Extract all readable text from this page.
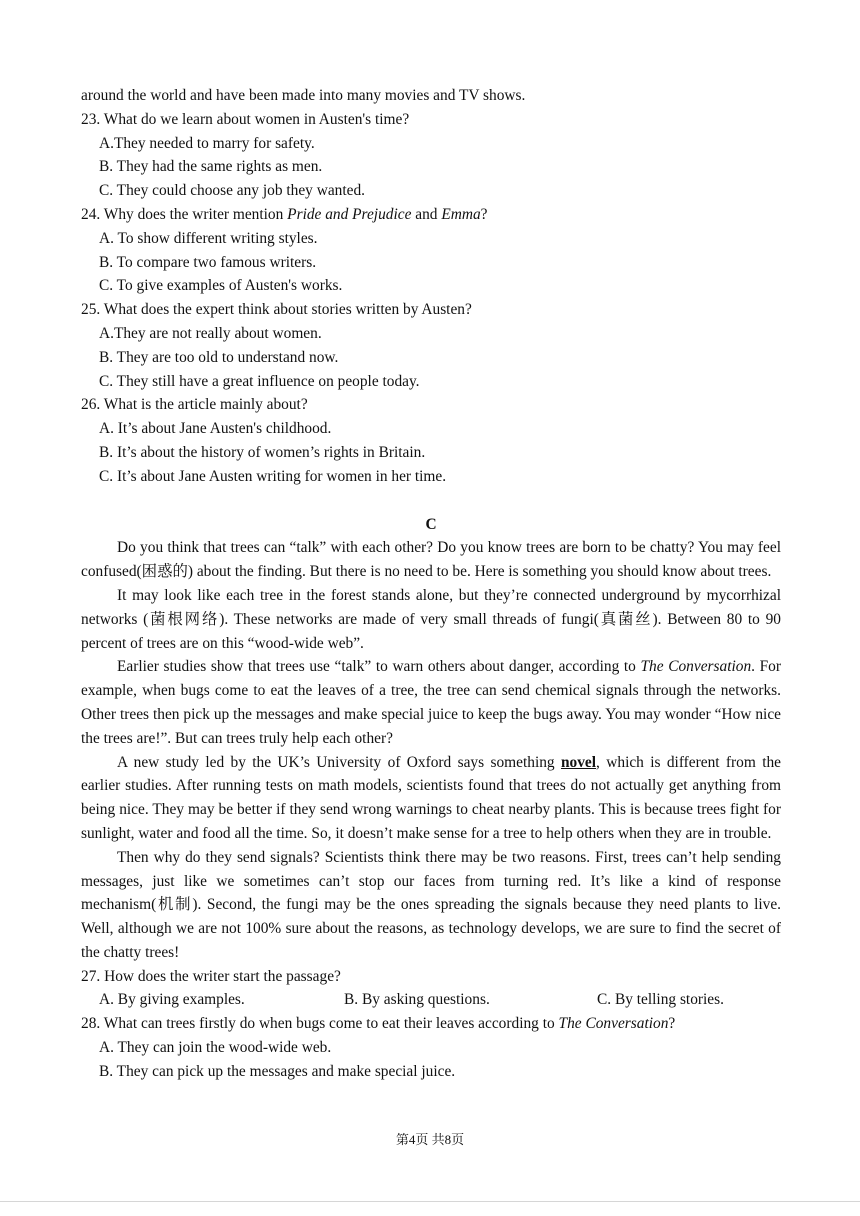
around the world and have been made into many movies and TV shows.
23. What do we learn about women in Austen's time?
A.They needed to marry for safety.
B. They had the same rights as men.
C. They could choose any job they wanted.
24. Why does the writer mention Pride and Prejudice and Emma?
A. To show different writing styles.
B. To compare two famous writers.
C. To give examples of Austen's works.
25. What does the expert think about stories written by Austen?
A.They are not really about women.
B. They are too old to understand now.
C. They still have a great influence on people today.
26. What is the article mainly about?
A. It’s about Jane Austen's childhood.
B. It’s about the history of women’s rights in Britain.
C. It’s about Jane Austen writing for women in her time.
C
Do you think that trees can “talk” with each other? Do you know trees are born to be chatty? You may feel confused(困惑的) about the finding. But there is no need to be. Here is something you should know about trees.
It may look like each tree in the forest stands alone, but they’re connected underground by mycorrhizal networks (菌根网络). These networks are made of very small threads of fungi(真菌丝). Between 80 to 90 percent of trees are on this “wood-wide web”.
Earlier studies show that trees use “talk” to warn others about danger, according to The Conversation. For example, when bugs come to eat the leaves of a tree, the tree can send chemical signals through the networks. Other trees then pick up the messages and make special juice to keep the bugs away. You may wonder “How nice the trees are!”. But can trees truly help each other?
A new study led by the UK’s University of Oxford says something novel, which is different from the earlier studies. After running tests on math models, scientists found that trees do not actually get anything from being nice. They may be better if they send wrong warnings to cheat nearby plants. This is because trees fight for sunlight, water and food all the time. So, it doesn’t make sense for a tree to help others when they are in trouble.
Then why do they send signals? Scientists think there may be two reasons. First, trees can’t help sending messages, just like we sometimes can’t stop our faces from turning red. It’s like a kind of response mechanism(机制). Second, the fungi may be the ones spreading the signals because they need plants to live. Well, although we are not 100% sure about the reasons, as technology develops, we are sure to find the secret of the chatty trees!
27. How does the writer start the passage?
A. By giving examples.	B. By asking questions.	C. By telling stories.
28. What can trees firstly do when bugs come to eat their leaves according to The Conversation?
A. They can join the wood-wide web.
B. They can pick up the messages and make special juice.
第4页 共8页
